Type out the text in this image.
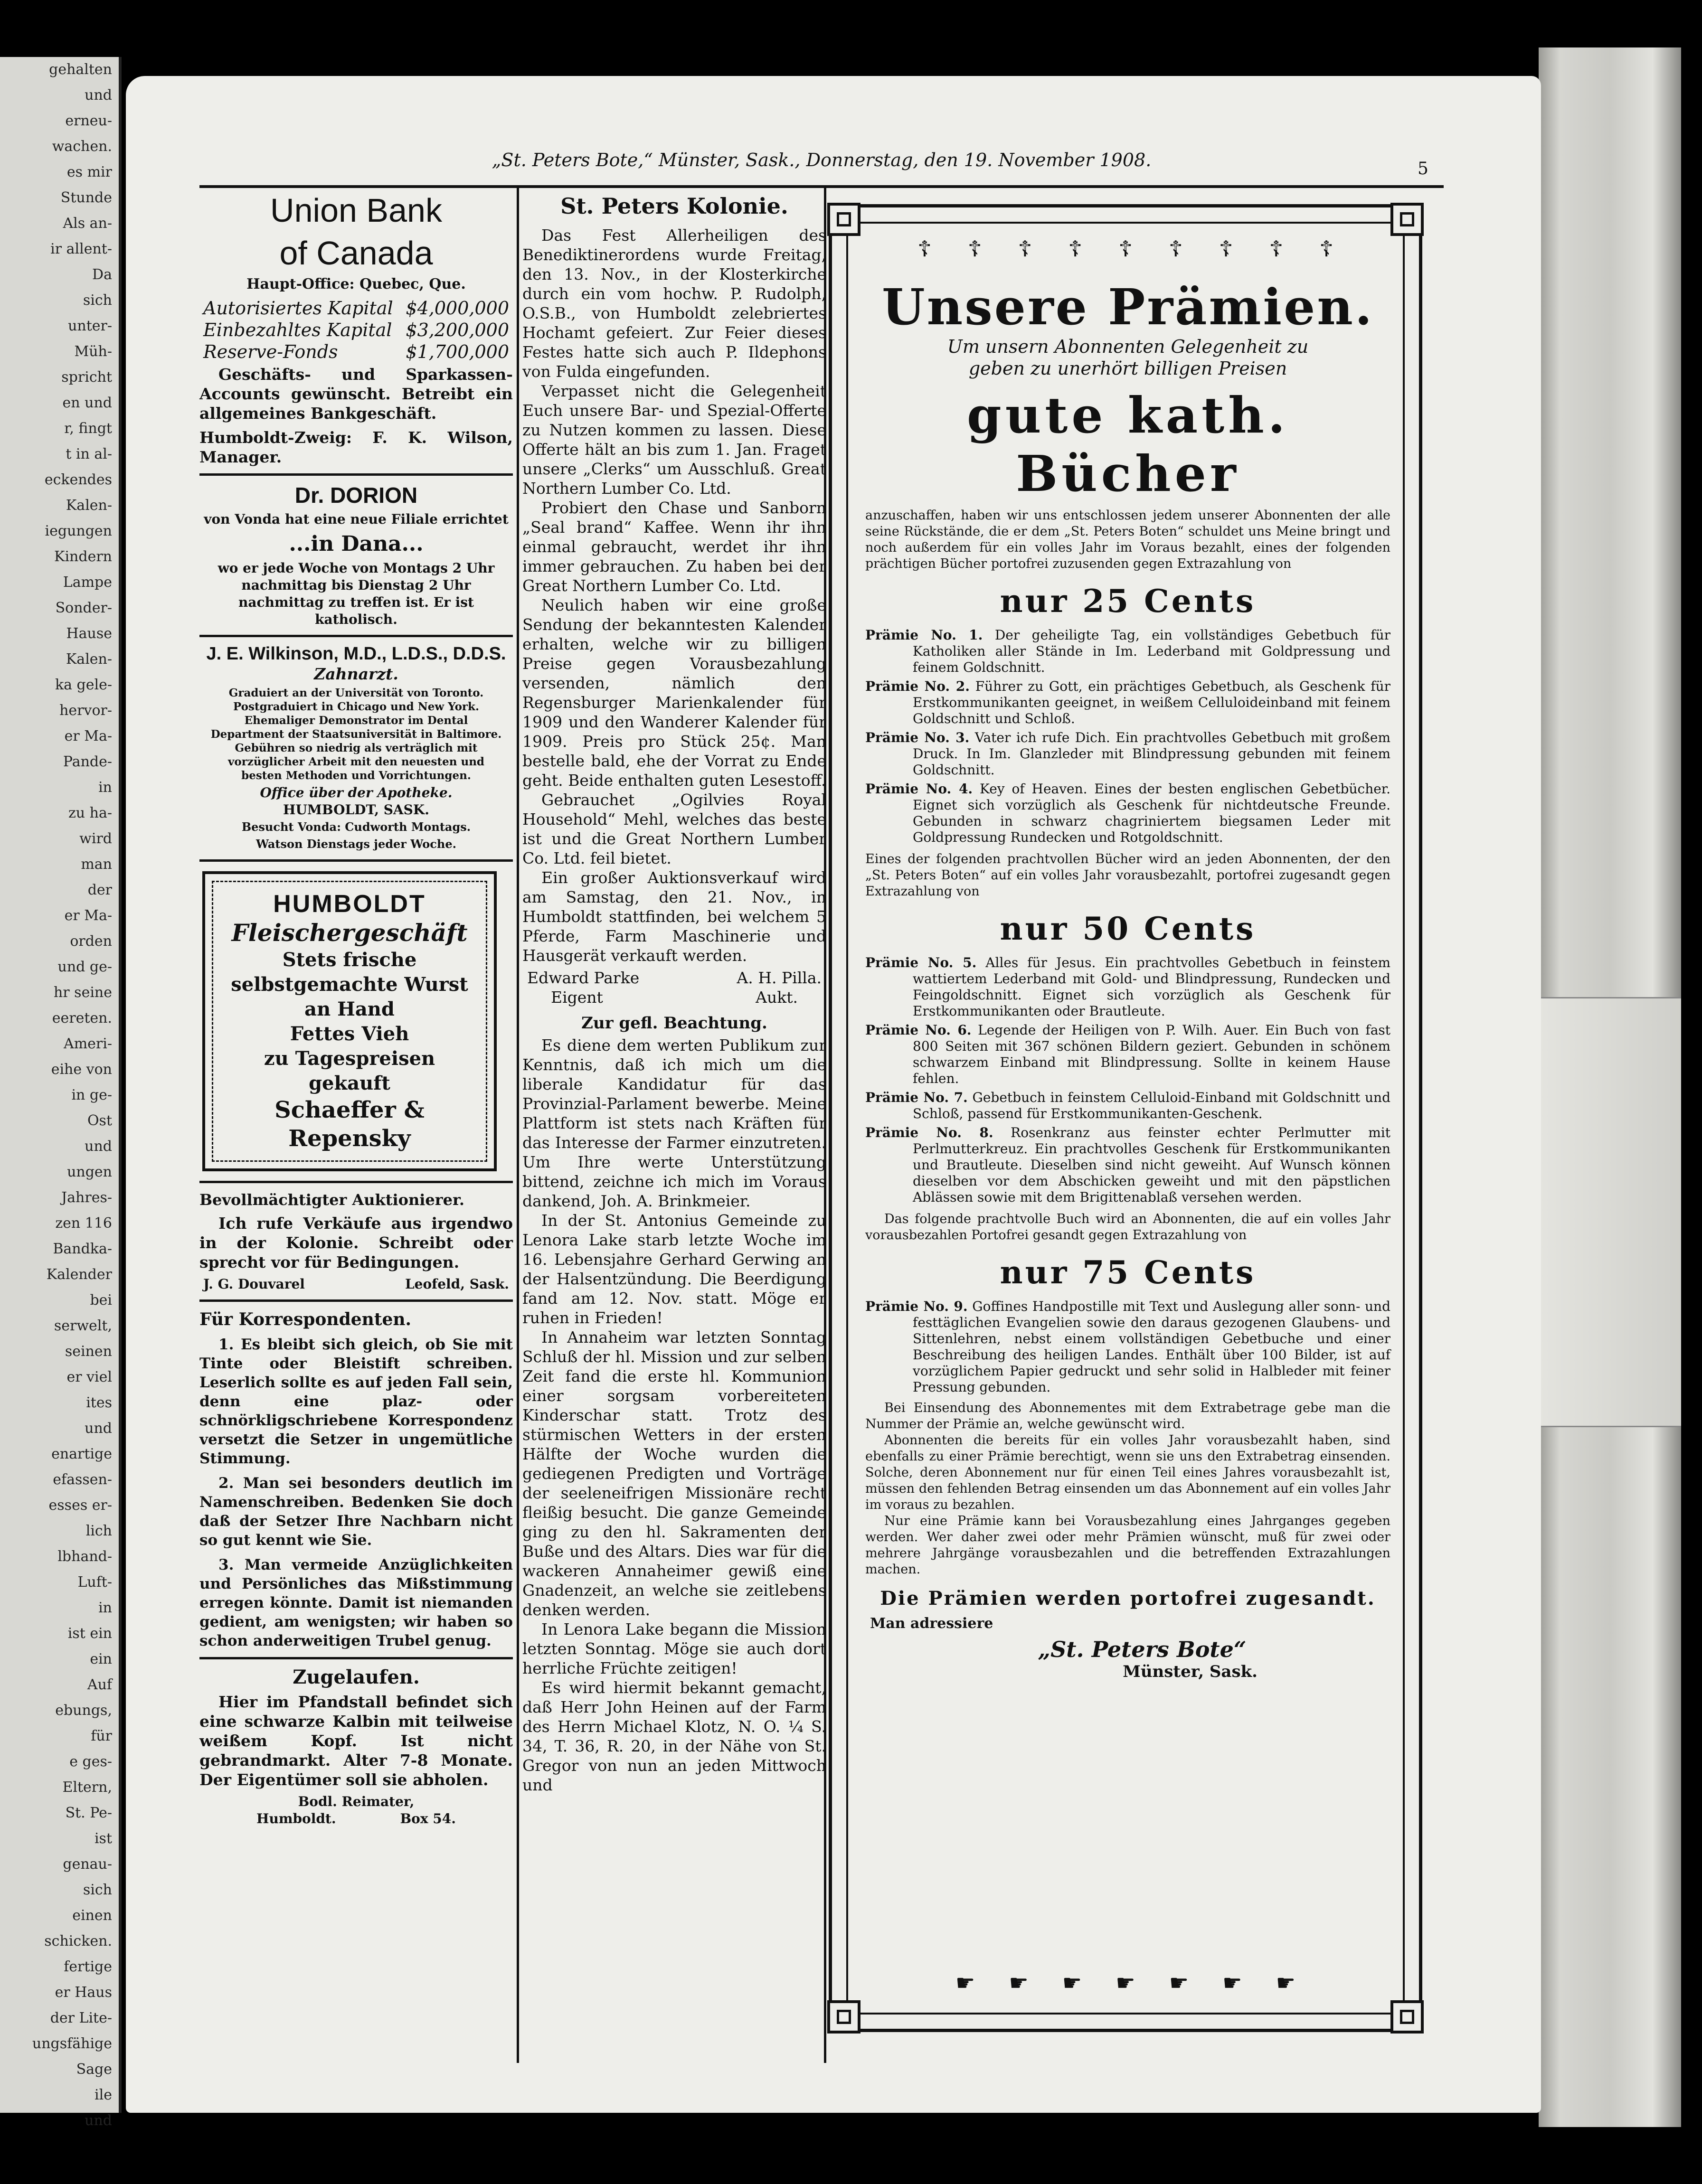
gehalten
und
erneu-
wachen.
es mir
Stunde
Als an-
ir allent-
Da
sich
unter-
Müh-
spricht
en und
r, fingt
t in al-
eckendes
Kalen-
iegungen
Kindern
Lampe
Sonder-
Hause
Kalen-
ka gele-
hervor-
er Ma-
Pande-
in
zu ha-
wird
man
der
er Ma-
orden
und ge-
hr seine
eereten.
Ameri-
eihe von
in ge-
Ost
und
ungen
Jahres-
zen 116
Bandka-
Kalender
bei
serwelt,
seinen
er viel
ites
und
enartige
efassen-
esses er-
lich
lbhand-
Luft-
in
ist ein
ein
Auf
ebungs,
für
e ges-
Eltern,
St. Pe-
ist
genau-
sich
einen
schicken.
fertige
er Haus
der Lite-
ungsfähige
Sage
ile
und
„St. Peters Bote,“ Münster, Sask., Donnerstag, den 19. November 1908.	5
Union Bank
of Canada
Haupt-Office: Quebec, Que.
Autorisiertes Kapital $4,000,000
Einbezahltes Kapital $3,200,000
Reserve-Fonds	$1,700,000

Geschäfts- und Sparkassen-Accounts gewünscht. Betreibt ein allgemeines Bankgeschäft.

Humboldt-Zweig: F. K. Wilson, Manager.

Dr. DORION

von Vonda hat eine neue Filiale errichtet

...in Dana...

wo er jede Woche von Montags 2 Uhr nachmittag bis Dienstag 2 Uhr nachmittag zu treffen ist. Er ist katholisch.

J. E. Wilkinson, M.D., L.D.S., D.D.S.
Zahnarzt.

Graduiert an der Universität von Toronto. Postgraduiert in Chicago und New York. Ehemaliger Demonstrator im Dental Department der Staatsuniversität in Baltimore. Gebühren so niedrig als verträglich mit vorzüglicher Arbeit mit den neuesten und besten Methoden und Vorrichtungen.

Office über der Apotheke.
HUMBOLDT, SASK.
Besucht Vonda: Cudworth Montags. Watson Dienstags jeder Woche.
HUMBOLDT
Fleischergeschäft
Stets frische
selbstgemachte Wurst
an Hand
Fettes Vieh
zu Tagespreisen
gekauft
Schaeffer & Repensky
Bevollmächtigter Auktionierer.

Ich rufe Verkäufe aus irgendwo in der Kolonie. Schreibt oder sprecht vor für Bedingungen.

J. G. Douvarel	Leofeld, Sask.
Für Korrespondenten.

1. Es bleibt sich gleich, ob Sie mit Tinte oder Bleistift schreiben. Leserlich sollte es auf jeden Fall sein, denn eine plaz- oder schnörkligschriebene Korrespondenz versetzt die Setzer in ungemütliche Stimmung.

2. Man sei besonders deutlich im Namenschreiben. Bedenken Sie doch daß der Setzer Ihre Nachbarn nicht so gut kennt wie Sie.

3. Man vermeide Anzüglichkeiten und Persönliches das Mißstimmung erregen könnte. Damit ist niemanden gedient, am wenigsten; wir haben so schon anderweitigen Trubel genug.

Zugelaufen.

Hier im Pfandstall befindet sich eine schwarze Kalbin mit teilweise weißem Kopf. Ist nicht gebrandmarkt. Alter 7-8 Monate. Der Eigentümer soll sie abholen.

Bodl. Reimater,
Humboldt.	Box 54.
St. Peters Kolonie.

Das Fest Allerheiligen des Benediktinerordens wurde Freitag, den 13. Nov., in der Klosterkirche durch ein vom hochw. P. Rudolph, O.S.B., von Humboldt zelebriertes Hochamt gefeiert. Zur Feier dieses Festes hatte sich auch P. Ildephons von Fulda eingefunden.

Verpasset nicht die Gelegenheit Euch unsere Bar- und Spezial-Offerte zu Nutzen kommen zu lassen. Diese Offerte hält an bis zum 1. Jan. Fraget unsere „Clerks“ um Ausschluß. Great Northern Lumber Co. Ltd.

Probiert den Chase und Sanborn „Seal brand“ Kaffee. Wenn ihr ihn einmal gebraucht, werdet ihr ihn immer gebrauchen. Zu haben bei der Great Northern Lumber Co. Ltd.

Neulich haben wir eine große Sendung der bekanntesten Kalender erhalten, welche wir zu billigen Preise gegen Vorausbezahlung versenden, nämlich den Regensburger Marienkalender für 1909 und den Wanderer Kalender für 1909. Preis pro Stück 25¢. Man bestelle bald, ehe der Vorrat zu Ende geht. Beide enthalten guten Lesestoff.

Gebrauchet „Ogilvies Royal Household“ Mehl, welches das beste ist und die Great Northern Lumber Co. Ltd. feil bietet.

Ein großer Auktionsverkauf wird am Samstag, den 21. Nov., in Humboldt stattfinden, bei welchem 5 Pferde, Farm Maschinerie und Hausgerät verkauft werden.

Edward Parke	A. H. Pilla.
Eigent	Aukt.
Zur gefl. Beachtung.

Es diene dem werten Publikum zur Kenntnis, daß ich mich um die liberale Kandidatur für das Provinzial-Parlament bewerbe. Meine Plattform ist stets nach Kräften für das Interesse der Farmer einzutreten. Um Ihre werte Unterstützung bittend, zeichne ich mich im Voraus dankend, Joh. A. Brinkmeier.

In der St. Antonius Gemeinde zu Lenora Lake starb letzte Woche im 16. Lebensjahre Gerhard Gerwing an der Halsentzündung. Die Beerdigung fand am 12. Nov. statt. Möge er ruhen in Frieden!

In Annaheim war letzten Sonntag Schluß der hl. Mission und zur selben Zeit fand die erste hl. Kommunion einer sorgsam vorbereiteten Kinderschar statt. Trotz des stürmischen Wetters in der ersten Hälfte der Woche wurden die gediegenen Predigten und Vorträge der seeleneifrigen Missionäre recht fleißig besucht. Die ganze Gemeinde ging zu den hl. Sakramenten der Buße und des Altars. Dies war für die wackeren Annaheimer gewiß eine Gnadenzeit, an welche sie zeitlebens denken werden.

In Lenora Lake begann die Mission letzten Sonntag. Möge sie auch dort herrliche Früchte zeitigen!

Es wird hiermit bekannt gemacht, daß Herr John Heinen auf der Farm des Herrn Michael Klotz, N. O. ¼ S. 34, T. 36, R. 20, in der Nähe von St. Gregor von nun an jeden Mittwoch und

☦ ☦ ☦ ☦ ☦ ☦ ☦ ☦ ☦
Unsere Prämien.
Um unsern Abonnenten Gelegenheit zu geben zu unerhört billigen Preisen
gute kath. Bücher

anzuschaffen, haben wir uns entschlossen jedem unserer Abonnenten der alle seine Rückstände, die er dem „St. Peters Boten“ schuldet uns Meine bringt und noch außerdem für ein volles Jahr im Voraus bezahlt, eines der folgenden prächtigen Bücher portofrei zuzusenden gegen Extrazahlung von

nur 25 Cents

Prämie No. 1. Der geheiligte Tag, ein vollständiges Gebetbuch für Katholiken aller Stände in Im. Lederband mit Goldpressung und feinem Goldschnitt.

Prämie No. 2. Führer zu Gott, ein prächtiges Gebetbuch, als Geschenk für Erstkommunikanten geeignet, in weißem Celluloideinband mit feinem Goldschnitt und Schloß.

Prämie No. 3. Vater ich rufe Dich. Ein prachtvolles Gebetbuch mit großem Druck. In Im. Glanzleder mit Blindpressung gebunden mit feinem Goldschnitt.

Prämie No. 4. Key of Heaven. Eines der besten englischen Gebetbücher. Eignet sich vorzüglich als Geschenk für nichtdeutsche Freunde. Gebunden in schwarz chagriniertem biegsamen Leder mit Goldpressung Rundecken und Rotgoldschnitt.

Eines der folgenden prachtvollen Bücher wird an jeden Abonnenten, der den „St. Peters Boten“ auf ein volles Jahr vorausbezahlt, portofrei zugesandt gegen Extrazahlung von

nur 50 Cents

Prämie No. 5. Alles für Jesus. Ein prachtvolles Gebetbuch in feinstem wattiertem Lederband mit Gold- und Blindpressung, Rundecken und Feingoldschnitt. Eignet sich vorzüglich als Geschenk für Erstkommunikanten oder Brautleute.

Prämie No. 6. Legende der Heiligen von P. Wilh. Auer. Ein Buch von fast 800 Seiten mit 367 schönen Bildern geziert. Gebunden in schönem schwarzem Einband mit Blindpressung. Sollte in keinem Hause fehlen.

Prämie No. 7. Gebetbuch in feinstem Celluloid-Einband mit Goldschnitt und Schloß, passend für Erstkommunikanten-Geschenk.

Prämie No. 8. Rosenkranz aus feinster echter Perlmutter mit Perlmutterkreuz. Ein prachtvolles Geschenk für Erstkommunikanten und Brautleute. Dieselben sind nicht geweiht. Auf Wunsch können dieselben vor dem Abschicken geweiht und mit den päpstlichen Ablässen sowie mit dem Brigittenablaß versehen werden.

Das folgende prachtvolle Buch wird an Abonnenten, die auf ein volles Jahr vorausbezahlen Portofrei gesandt gegen Extrazahlung von

nur 75 Cents

Prämie No. 9. Goffines Handpostille mit Text und Auslegung aller sonn- und festtäglichen Evangelien sowie den daraus gezogenen Glaubens- und Sittenlehren, nebst einem vollständigen Gebetbuche und einer Beschreibung des heiligen Landes. Enthält über 100 Bilder, ist auf vorzüglichem Papier gedruckt und sehr solid in Halbleder mit feiner Pressung gebunden.

Bei Einsendung des Abonnementes mit dem Extrabetrage gebe man die Nummer der Prämie an, welche gewünscht wird.

Abonnenten die bereits für ein volles Jahr vorausbezahlt haben, sind ebenfalls zu einer Prämie berechtigt, wenn sie uns den Extrabetrag einsenden. Solche, deren Abonnement nur für einen Teil eines Jahres vorausbezahlt ist, müssen den fehlenden Betrag einsenden um das Abonnement auf ein volles Jahr im voraus zu bezahlen.

Nur eine Prämie kann bei Vorausbezahlung eines Jahrganges gegeben werden. Wer daher zwei oder mehr Prämien wünscht, muß für zwei oder mehrere Jahrgänge vorausbezahlen und die betreffenden Extrazahlungen machen.

Die Prämien werden portofrei zugesandt.
Man adressiere
„St. Peters Bote“
Münster, Sask.
☛ ☛ ☛ ☛ ☛ ☛ ☛
